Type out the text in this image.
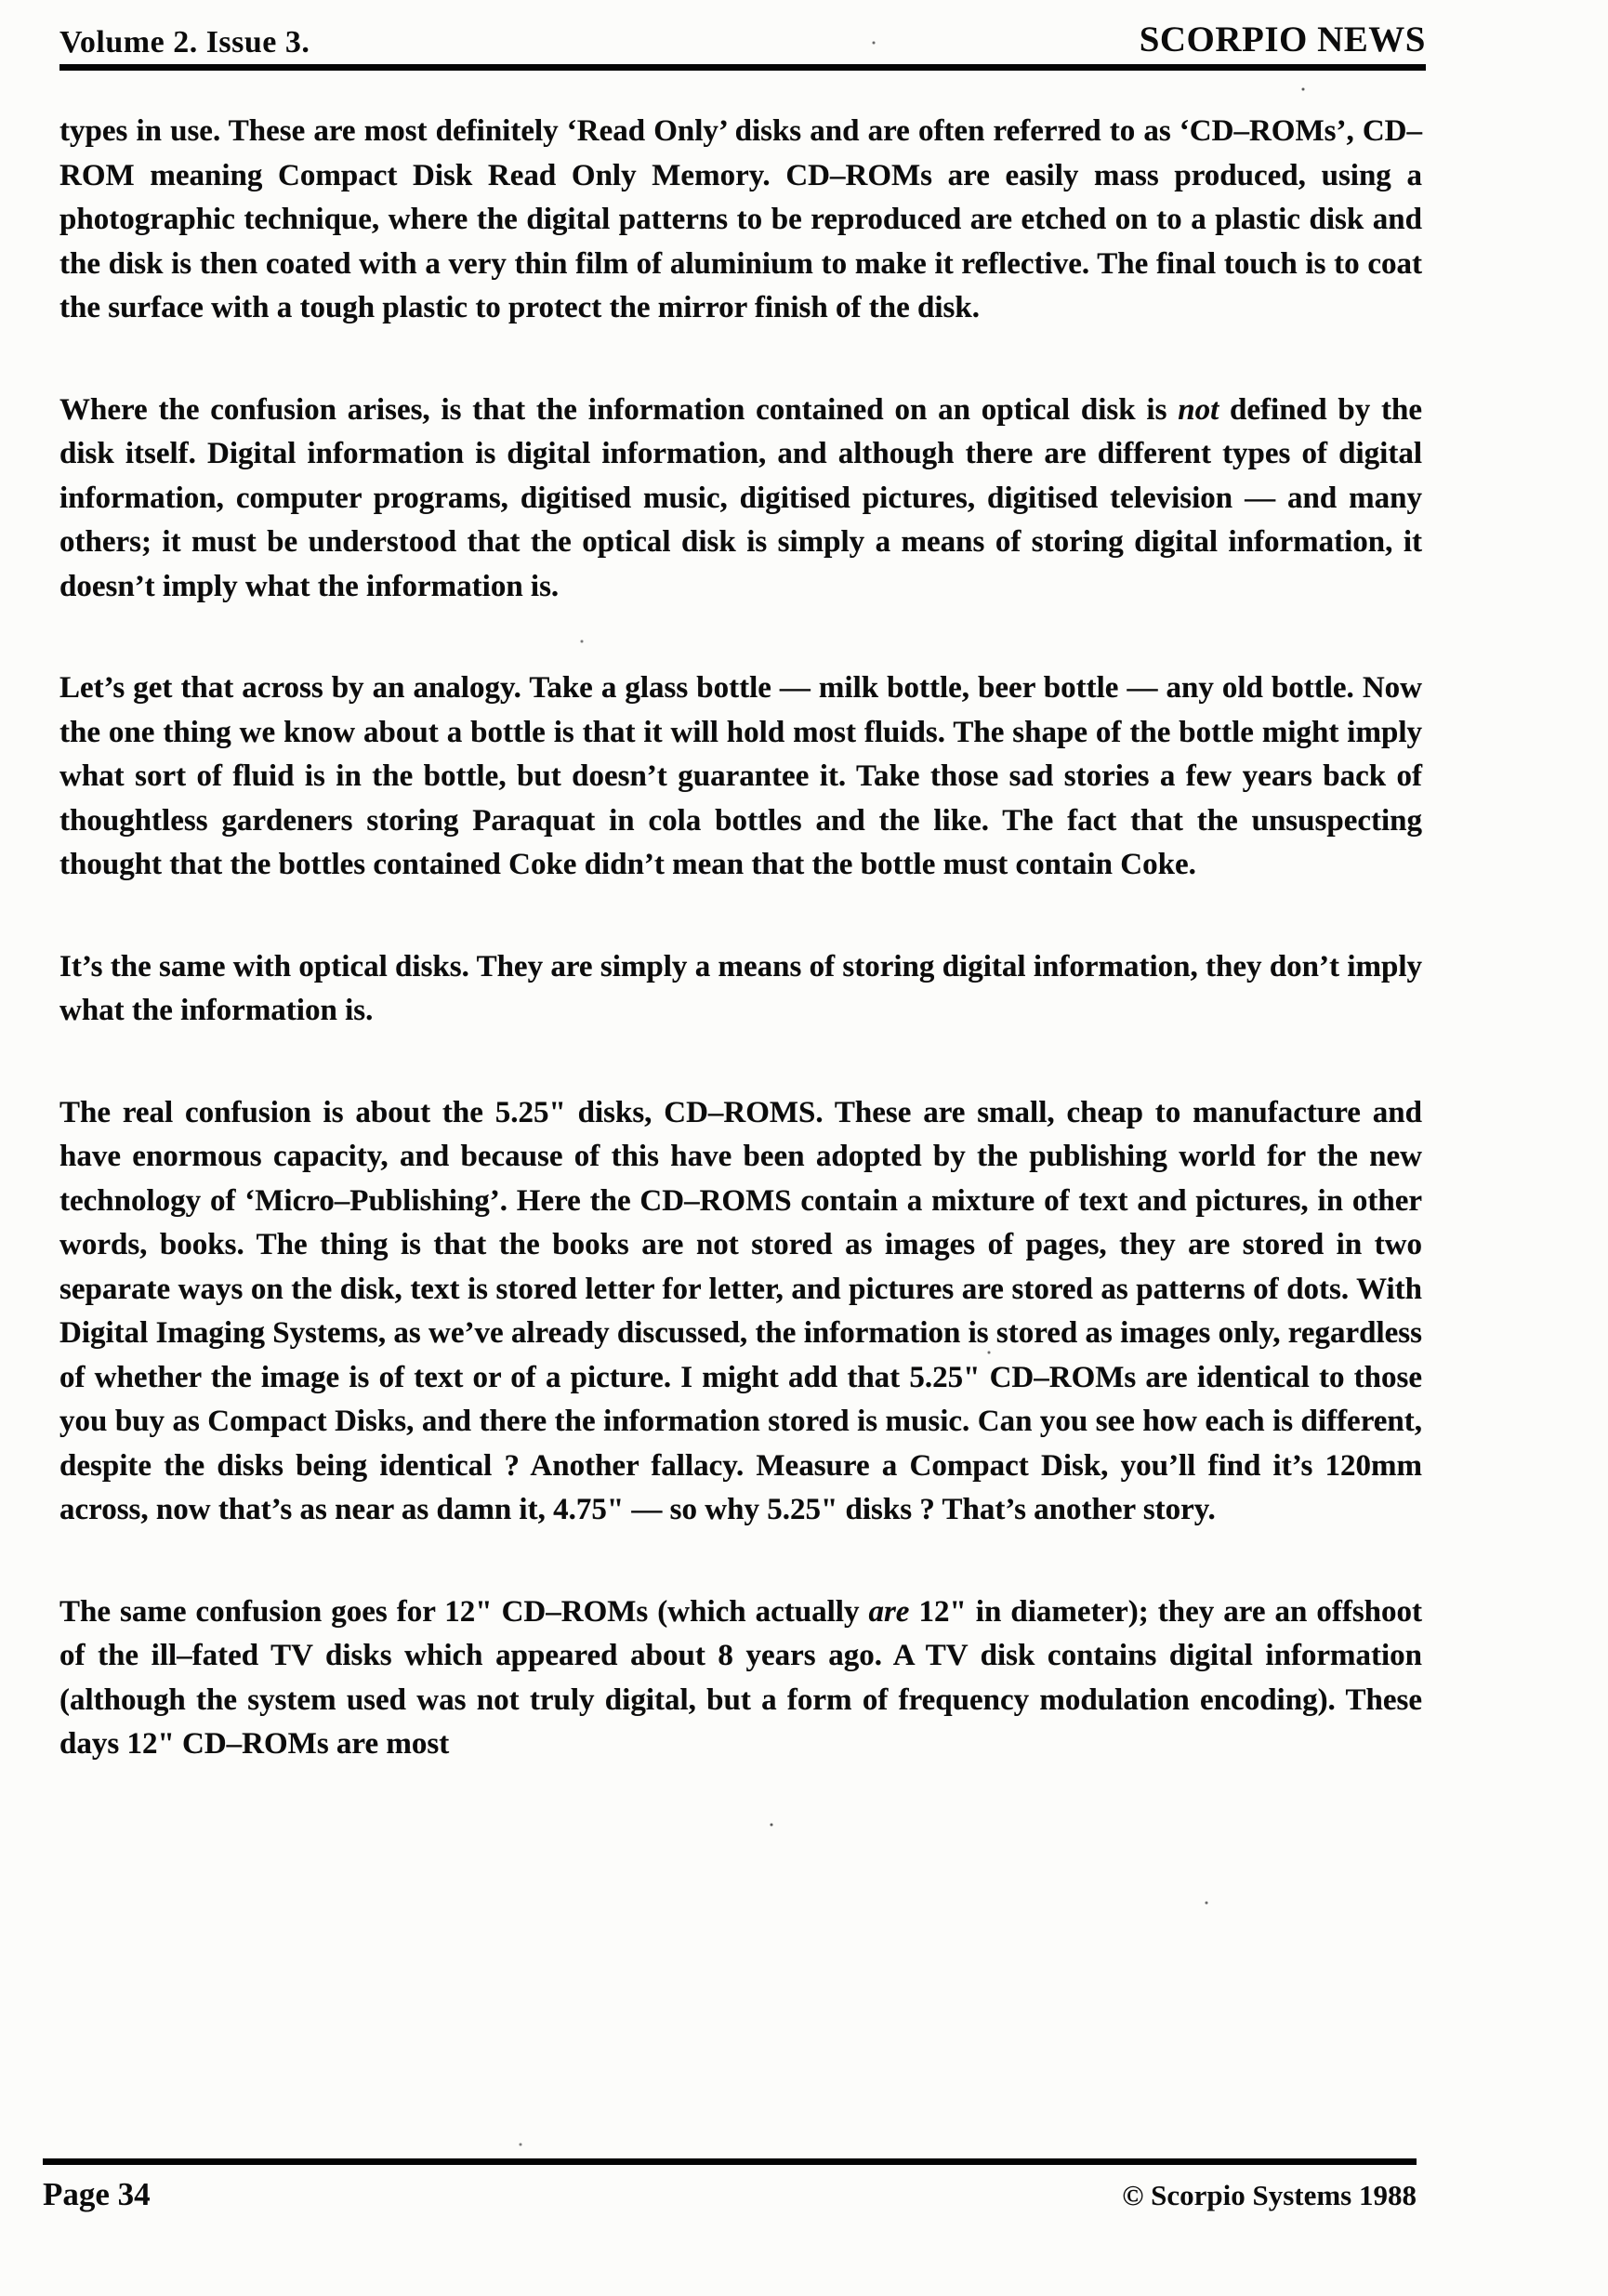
Volume 2. Issue 3.	SCORPIO NEWS

types in use. These are most definitely ‘Read Only’ disks and are often referred to as ‘CD–ROMs’, CD–ROM meaning Compact Disk Read Only Memory. CD–ROMs are easily mass produced, using a photographic technique, where the digital patterns to be reproduced are etched on to a plastic disk and the disk is then coated with a very thin film of aluminium to make it reflective. The final touch is to coat the surface with a tough plastic to protect the mirror finish of the disk.

Where the confusion arises, is that the information contained on an optical disk is not defined by the disk itself. Digital information is digital information, and although there are different types of digital information, computer programs, digitised music, digitised pictures, digitised television — and many others; it must be understood that the optical disk is simply a means of storing digital information, it doesn’t imply what the information is.

Let’s get that across by an analogy. Take a glass bottle — milk bottle, beer bottle — any old bottle. Now the one thing we know about a bottle is that it will hold most fluids. The shape of the bottle might imply what sort of fluid is in the bottle, but doesn’t guarantee it. Take those sad stories a few years back of thoughtless gardeners storing Paraquat in cola bottles and the like. The fact that the unsuspecting thought that the bottles contained Coke didn’t mean that the bottle must contain Coke.

It’s the same with optical disks. They are simply a means of storing digital information, they don’t imply what the information is.

The real confusion is about the 5.25" disks, CD–ROMS. These are small, cheap to manufacture and have enormous capacity, and because of this have been adopted by the publishing world for the new technology of ‘Micro–Publishing’. Here the CD–ROMS contain a mixture of text and pictures, in other words, books. The thing is that the books are not stored as images of pages, they are stored in two separate ways on the disk, text is stored letter for letter, and pictures are stored as patterns of dots. With Digital Imaging Systems, as we’ve already discussed, the information is stored as images only, regardless of whether the image is of text or of a picture. I might add that 5.25" CD–ROMs are identical to those you buy as Compact Disks, and there the information stored is music. Can you see how each is different, despite the disks being identical ? Another fallacy. Measure a Compact Disk, you’ll find it’s 120mm across, now that’s as near as damn it, 4.75" — so why 5.25" disks ? That’s another story.

The same confusion goes for 12" CD–ROMs (which actually are 12" in diameter); they are an offshoot of the ill–fated TV disks which appeared about 8 years ago. A TV disk contains digital information (although the system used was not truly digital, but a form of frequency modulation encoding). These days 12" CD–ROMs are most

Page 34	© Scorpio Systems 1988
